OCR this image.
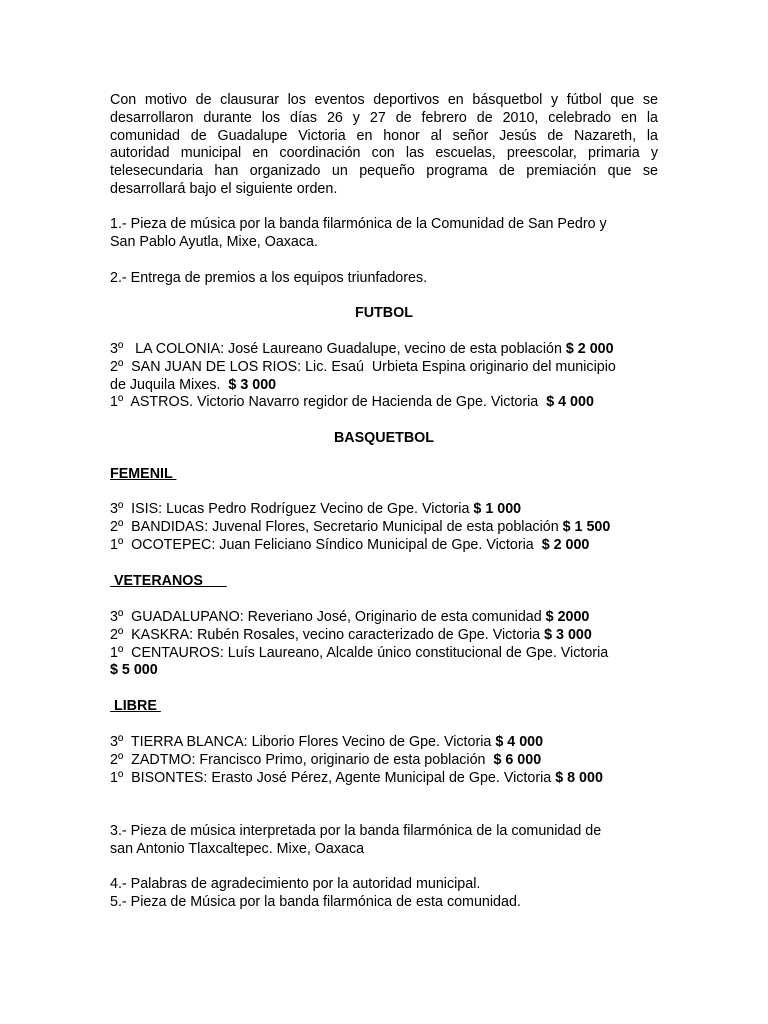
Con motivo de clausurar los eventos deportivos en básquetbol y fútbol que se
desarrollaron durante los días 26 y 27 de febrero de 2010, celebrado en la
comunidad de Guadalupe Victoria en honor al señor Jesús de Nazareth, la
autoridad municipal en coordinación con las escuelas, preescolar, primaria y
telesecundaria han organizado un pequeño programa de premiación que se
desarrollará bajo el siguiente orden.

1.- Pieza de música por la banda filarmónica de la Comunidad de San Pedro y
San Pablo Ayutla, Mixe, Oaxaca.

2.- Entrega de premios a los equipos triunfadores.

FUTBOL
3º   LA COLONIA: José Laureano Guadalupe, vecino de esta población $ 2 000
2º  SAN JUAN DE LOS RIOS: Lic. Esaú  Urbieta Espina originario del municipio
de Juquila Mixes.  $ 3 000
1º  ASTROS. Victorio Navarro regidor de Hacienda de Gpe. Victoria  $ 4 000
BASQUETBOL
FEMENIL
3º  ISIS: Lucas Pedro Rodríguez Vecino de Gpe. Victoria $ 1 000
2º  BANDIDAS: Juvenal Flores, Secretario Municipal de esta población $ 1 500
1º  OCOTEPEC: Juan Feliciano Síndico Municipal de Gpe. Victoria  $ 2 000
VETERANOS
3º  GUADALUPANO: Reveriano José, Originario de esta comunidad $ 2000
2º  KASKRA: Rubén Rosales, vecino caracterizado de Gpe. Victoria $ 3 000
1º  CENTAUROS: Luís Laureano, Alcalde único constitucional de Gpe. Victoria
$ 5 000
LIBRE
3º  TIERRA BLANCA: Liborio Flores Vecino de Gpe. Victoria $ 4 000
2º  ZADTMO: Francisco Primo, originario de esta población  $ 6 000
1º  BISONTES: Erasto José Pérez, Agente Municipal de Gpe. Victoria $ 8 000

3.- Pieza de música interpretada por la banda filarmónica de la comunidad de
san Antonio Tlaxcaltepec. Mixe, Oaxaca

4.- Palabras de agradecimiento por la autoridad municipal.
5.- Pieza de Música por la banda filarmónica de esta comunidad.
